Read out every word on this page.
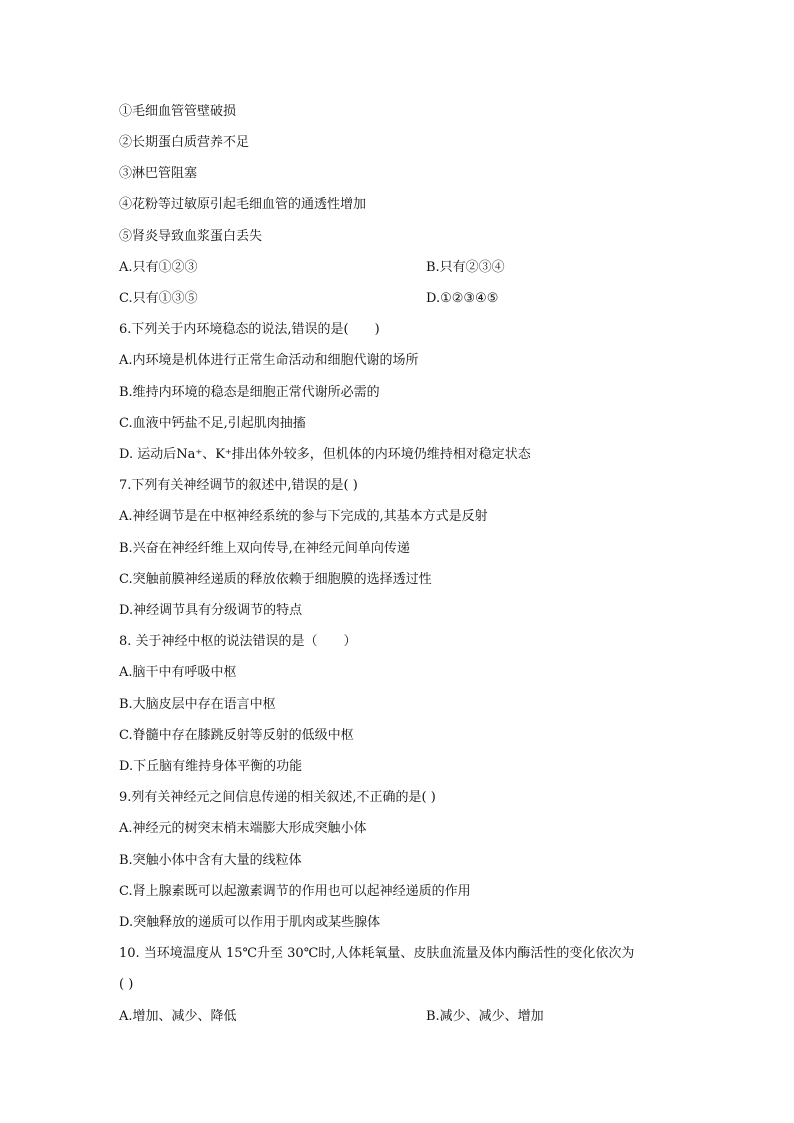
①毛细血管管壁破损
②长期蛋白质营养不足
③淋巴管阻塞
④花粉等过敏原引起毛细血管的通透性增加
⑤肾炎导致血浆蛋白丢失
A.只有①②③	B.只有②③④
C.只有①③⑤	D.①②③④⑤
6.下列关于内环境稳态的说法,错误的是(　　)
A.内环境是机体进行正常生命活动和细胞代谢的场所
B.维持内环境的稳态是细胞正常代谢所必需的
C.血液中钙盐不足,引起肌肉抽搐
D. 运动后Na⁺、K⁺排出体外较多，但机体的内环境仍维持相对稳定状态
7.下列有关神经调节的叙述中,错误的是( )
A.神经调节是在中枢神经系统的参与下完成的,其基本方式是反射
B.兴奋在神经纤维上双向传导,在神经元间单向传递
C.突触前膜神经递质的释放依赖于细胞膜的选择透过性
D.神经调节具有分级调节的特点
8. 关于神经中枢的说法错误的是（　　）
A.脑干中有呼吸中枢
B.大脑皮层中存在语言中枢
C.脊髓中存在膝跳反射等反射的低级中枢
D.下丘脑有维持身体平衡的功能
9.列有关神经元之间信息传递的相关叙述,不正确的是( )
A.神经元的树突末梢末端膨大形成突触小体
B.突触小体中含有大量的线粒体
C.肾上腺素既可以起激素调节的作用也可以起神经递质的作用
D.突触释放的递质可以作用于肌肉或某些腺体
10. 当环境温度从 15℃升至 30℃时,人体耗氧量、皮肤血流量及体内酶活性的变化依次为
( )
A.增加、减少、降低	B.减少、减少、增加
